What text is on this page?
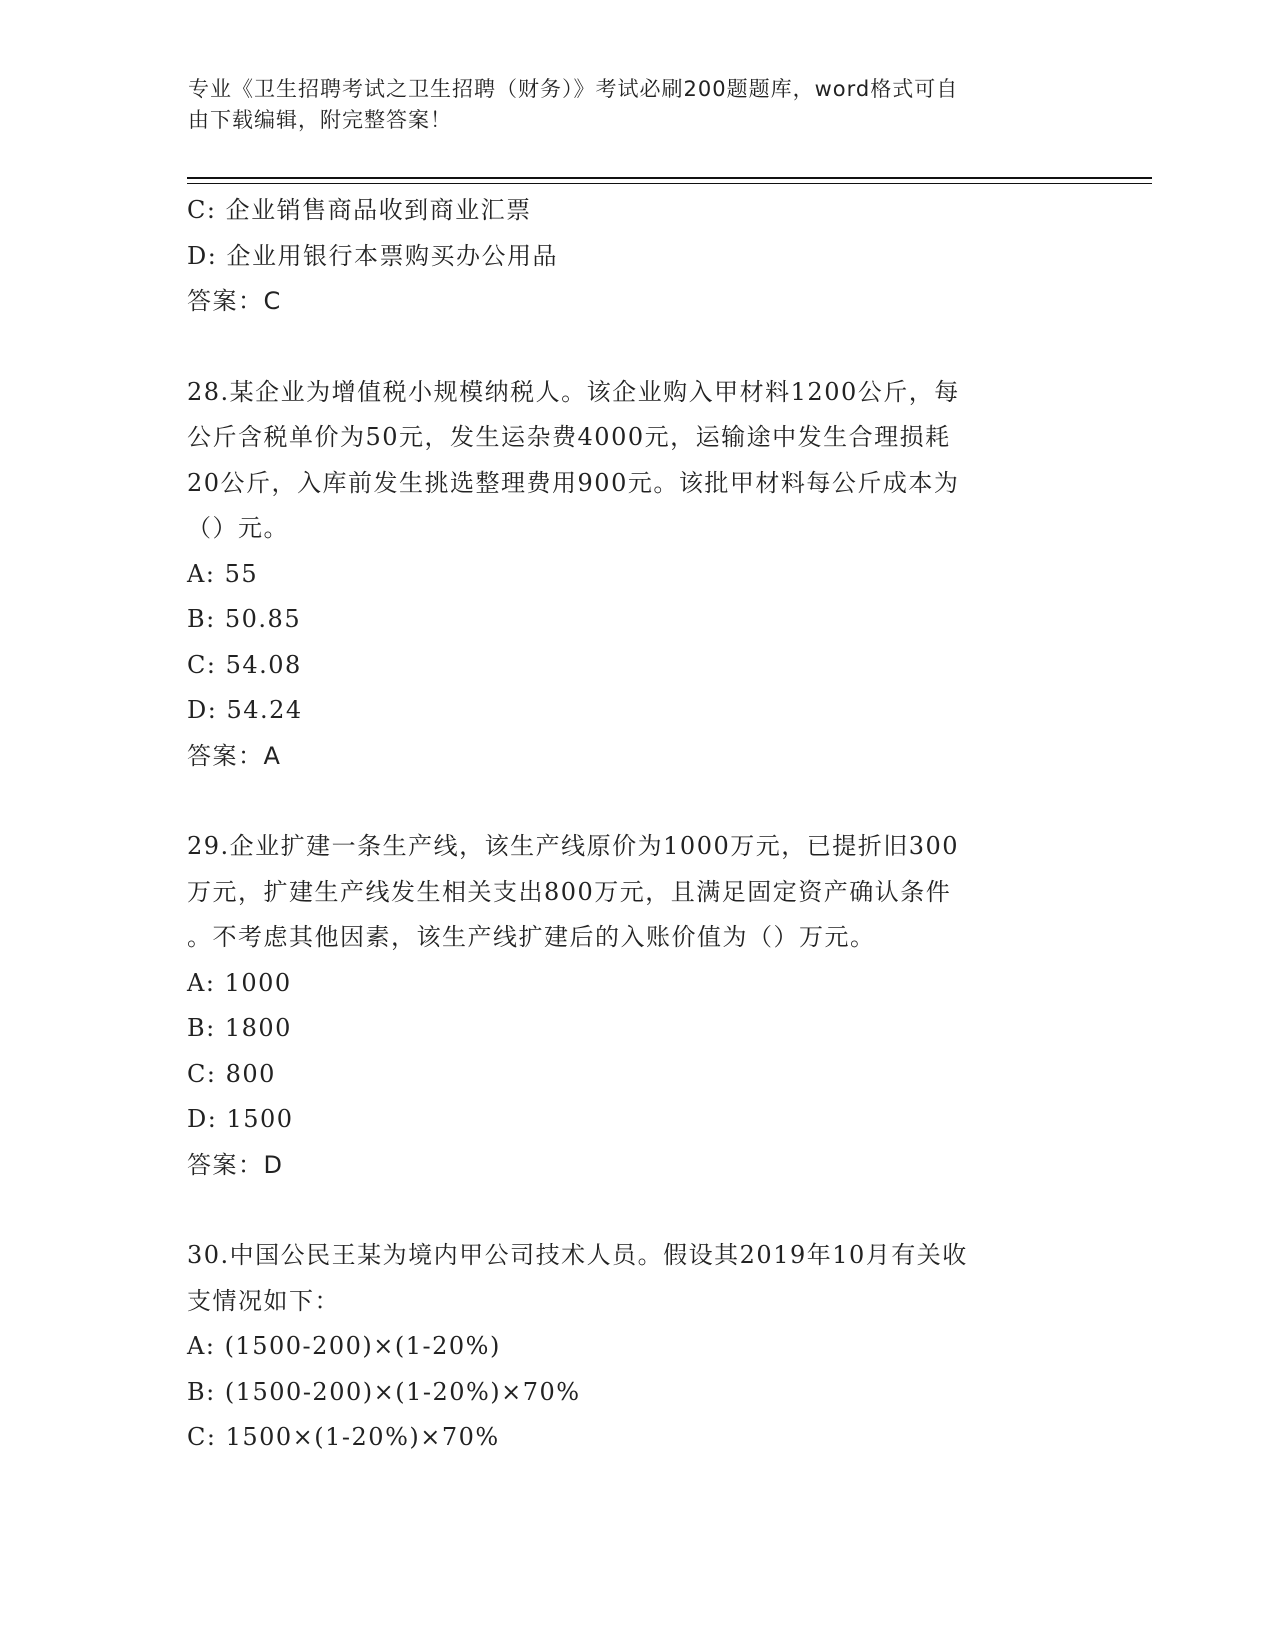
专业《卫生招聘考试之卫生招聘（财务）》考试必刷200题题库，word格式可自
由下载编辑，附完整答案！
C: 企业销售商品收到商业汇票
D: 企业用银行本票购买办公用品
答案：C
28.某企业为增值税小规模纳税人。该企业购入甲材料1200公斤，每
公斤含税单价为50元，发生运杂费4000元，运输途中发生合理损耗
20公斤，入库前发生挑选整理费用900元。该批甲材料每公斤成本为
（）元。
A: 55
B: 50.85
C: 54.08
D: 54.24
答案：A
29.企业扩建一条生产线，该生产线原价为1000万元，已提折旧300
万元，扩建生产线发生相关支出800万元，且满足固定资产确认条件
。不考虑其他因素，该生产线扩建后的入账价值为（）万元。
A: 1000
B: 1800
C: 800
D: 1500
答案：D
30.中国公民王某为境内甲公司技术人员。假设其2019年10月有关收
支情况如下：
A: (1500-200)×(1-20%)
B: (1500-200)×(1-20%)×70%
C: 1500×(1-20%)×70%
